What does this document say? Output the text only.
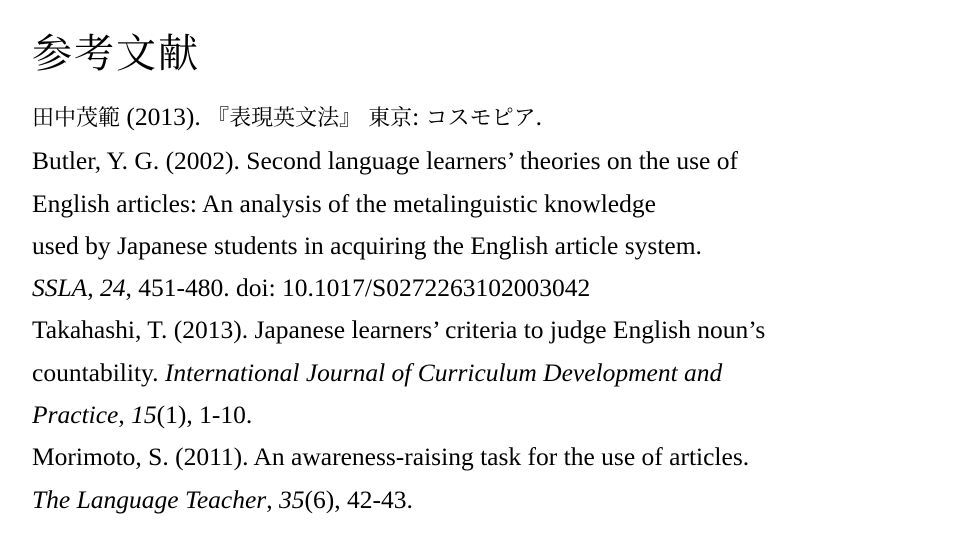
参考文献
田中茂範 (2013). 『表現英文法』 東京: コスモピア.
Butler, Y. G. (2002). Second language learners’ theories on the use of
English articles: An analysis of the metalinguistic knowledge
used by Japanese students in acquiring the English article system.
SSLA, 24, 451-480. doi: 10.1017/S0272263102003042
Takahashi, T. (2013). Japanese learners’ criteria to judge English noun’s
countability. International Journal of Curriculum Development and
Practice, 15(1), 1-10.
Morimoto, S. (2011). An awareness-raising task for the use of articles.
The Language Teacher, 35(6), 42-43.
